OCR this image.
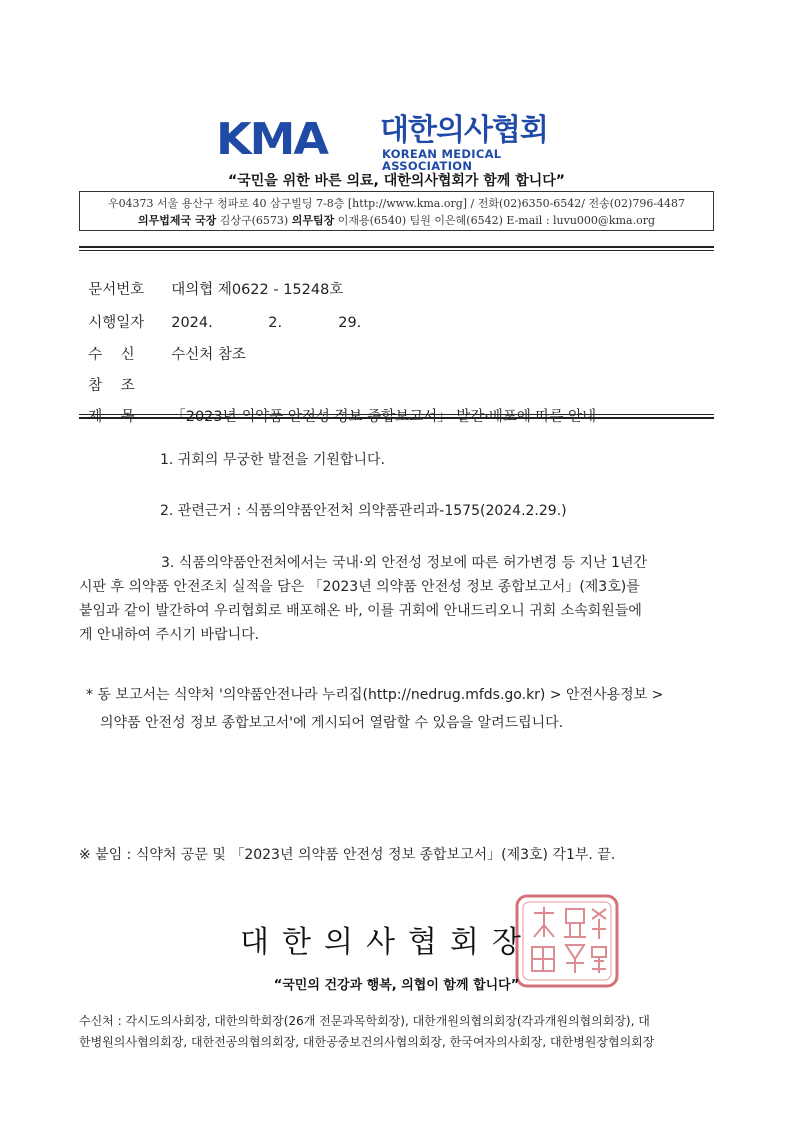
KMA 대한의사협회
KOREAN MEDICAL ASSOCIATION
“국민을 위한 바른 의료, 대한의사협회가 함께 합니다”
우04373 서울 용산구 청파로 40 삼구빌딩 7-8층 [http://www.kma.org] / 전화(02)6350-6542/ 전송(02)796-4487
의무법제국 국장 김상구(6573) 의무팀장 이재용(6540) 팀원 이은혜(6542) E-mail : luvu000@kma.org

문서번호 대의협 제0622 - 15248호

시행일자 2024.	2.	29.

수    신	수신처 참조

참    조

제    목	「2023년 의약품 안전성 정보 종합보고서」 발간·배포에 따른 안내

1. 귀회의 무궁한 발전을 기원합니다.
2. 관련근거 : 식품의약품안전처 의약품관리과-1575(2024.2.29.)
3. 식품의약품안전처에서는 국내·외 안전성 정보에 따른 허가변경 등 지난 1년간
시판 후 의약품 안전조치 실적을 담은 「2023년 의약품 안전성 정보 종합보고서」(제3호)를
붙임과 같이 발간하여 우리협회로 배포해온 바, 이를 귀회에 안내드리오니 귀회 소속회원들에
게 안내하여 주시기 바랍니다.
* 동 보고서는 식약처 '의약품안전나라 누리집(http://nedrug.mfds.go.kr) > 안전사용정보 >
의약품 안전성 정보 종합보고서'에 게시되어 열람할 수 있음을 알려드립니다.
※ 붙임 : 식약처 공문 및 「2023년 의약품 안전성 정보 종합보고서」(제3호) 각1부. 끝.
대한의사협회장
“국민의 건강과 행복, 의협이 함께 합니다”
수신처 : 각시도의사회장, 대한의학회장(26개 전문과목학회장), 대한개원의협의회장(각과개원의협의회장), 대
한병원의사협의회장, 대한전공의협의회장, 대한공중보건의사협의회장, 한국여자의사회장, 대한병원장협의회장
